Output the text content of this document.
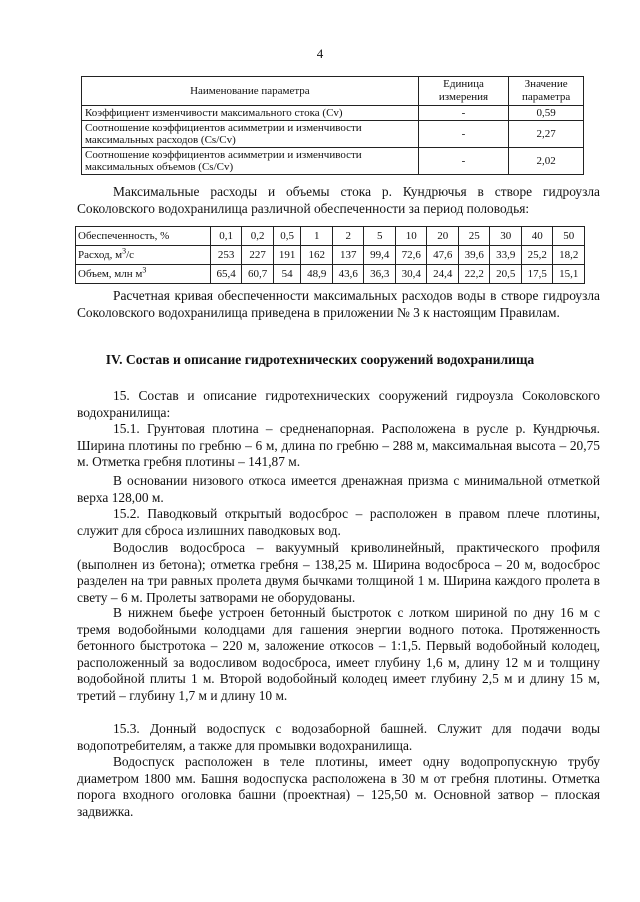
4
Наименование параметра	Единица измерения	Значение параметра
Коэффициент изменчивости максимального стока (Cv)	-	0,59
Соотношение коэффициентов асимметрии и изменчивости максимальных расходов (Cs/Cv)	-	2,27
Соотношение коэффициентов асимметрии и изменчивости максимальных объемов (Cs/Cv)	-	2,02

Максимальные расходы и объемы стока р. Кундрючья в створе гидроузла Соколовского водохранилища различной обеспеченности за период половодья:

Обеспеченность, %	0,1	0,2	0,5	1	2	5	10	20	25	30	40	50
Расход, $м^3/с$	253	227	191	162	137	99,4	72,6	47,6	39,6	33,9	25,2	18,2
Объем, млн $м^3$	65,4	60,7	54	48,9	43,6	36,3	30,4	24,4	22,2	20,5	17,5	15,1

Расчетная кривая обеспеченности максимальных расходов воды в створе гидроузла Соколовского водохранилища приведена в приложении № 3 к настоящим Правилам.

IV. Состав и описание гидротехнических сооружений водохранилища

15. Состав и описание гидротехнических сооружений гидроузла Соколовского водохранилища:

15.1. Грунтовая плотина – средненапорная. Расположена в русле р. Кундрючья. Ширина плотины по гребню – 6 м, длина по гребню – 288 м, максимальная высота – 20,75 м. Отметка гребня плотины – 141,87 м.

В основании низового откоса имеется дренажная призма с минимальной отметкой верха 128,00 м.

15.2. Паводковый открытый водосброс – расположен в правом плече плотины, служит для сброса излишних паводковых вод.

Водослив водосброса – вакуумный криволинейный, практического профиля (выполнен из бетона); отметка гребня – 138,25 м. Ширина водосброса – 20 м, водосброс разделен на три равных пролета двумя бычками толщиной 1 м. Ширина каждого пролета в свету – 6 м. Пролеты затворами не оборудованы.

В нижнем бьефе устроен бетонный быстроток с лотком шириной по дну 16 м с тремя водобойными колодцами для гашения энергии водного потока. Протяженность бетонного быстротока – 220 м, заложение откосов – 1:1,5. Первый водобойный колодец, расположенный за водосливом водосброса, имеет глубину 1,6 м, длину 12 м и толщину водобойной плиты 1 м. Второй водобойный колодец имеет глубину 2,5 м и длину 15 м, третий – глубину 1,7 м и длину 10 м.

15.3. Донный водоспуск с водозаборной башней. Служит для подачи воды водопотребителям, а также для промывки водохранилища.

Водоспуск расположен в теле плотины, имеет одну водопропускную трубу диаметром 1800 мм. Башня водоспуска расположена в 30 м от гребня плотины. Отметка порога входного оголовка башни (проектная) – 125,50 м. Основной затвор – плоская задвижка.
